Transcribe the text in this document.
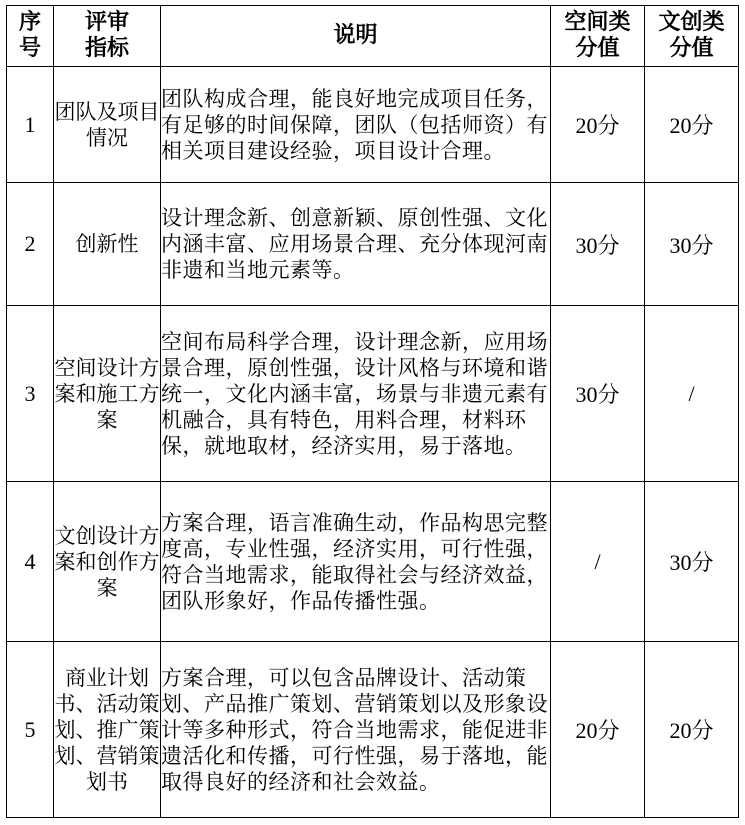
序
号	评审
指标	说明	空间类
分值	文创类
分值

1	团队及项目情况	团队构成合理，能良好地完成项目任务，有足够的时间保障，团队（包括师资）有相关项目建设经验，项目设计合理。	20分	20分
2	创新性	设计理念新、创意新颖、原创性强、文化内涵丰富、应用场景合理、充分体现河南非遗和当地元素等。	30分	30分
3	空间设计方案和施工方案	空间布局科学合理，设计理念新，应用场景合理，原创性强，设计风格与环境和谐统一，文化内涵丰富，场景与非遗元素有机融合，具有特色，用料合理，材料环保，就地取材，经济实用，易于落地。	30分	/
4	文创设计方案和创作方案	方案合理，语言准确生动，作品构思完整度高，专业性强，经济实用，可行性强，符合当地需求，能取得社会与经济效益，团队形象好，作品传播性强。	/	30分
5	商业计划书、活动策划、推广策划、营销策划书	方案合理，可以包含品牌设计、活动策划、产品推广策划、营销策划以及形象设计等多种形式，符合当地需求，能促进非遗活化和传播，可行性强，易于落地，能取得良好的经济和社会效益。	20分	20分
